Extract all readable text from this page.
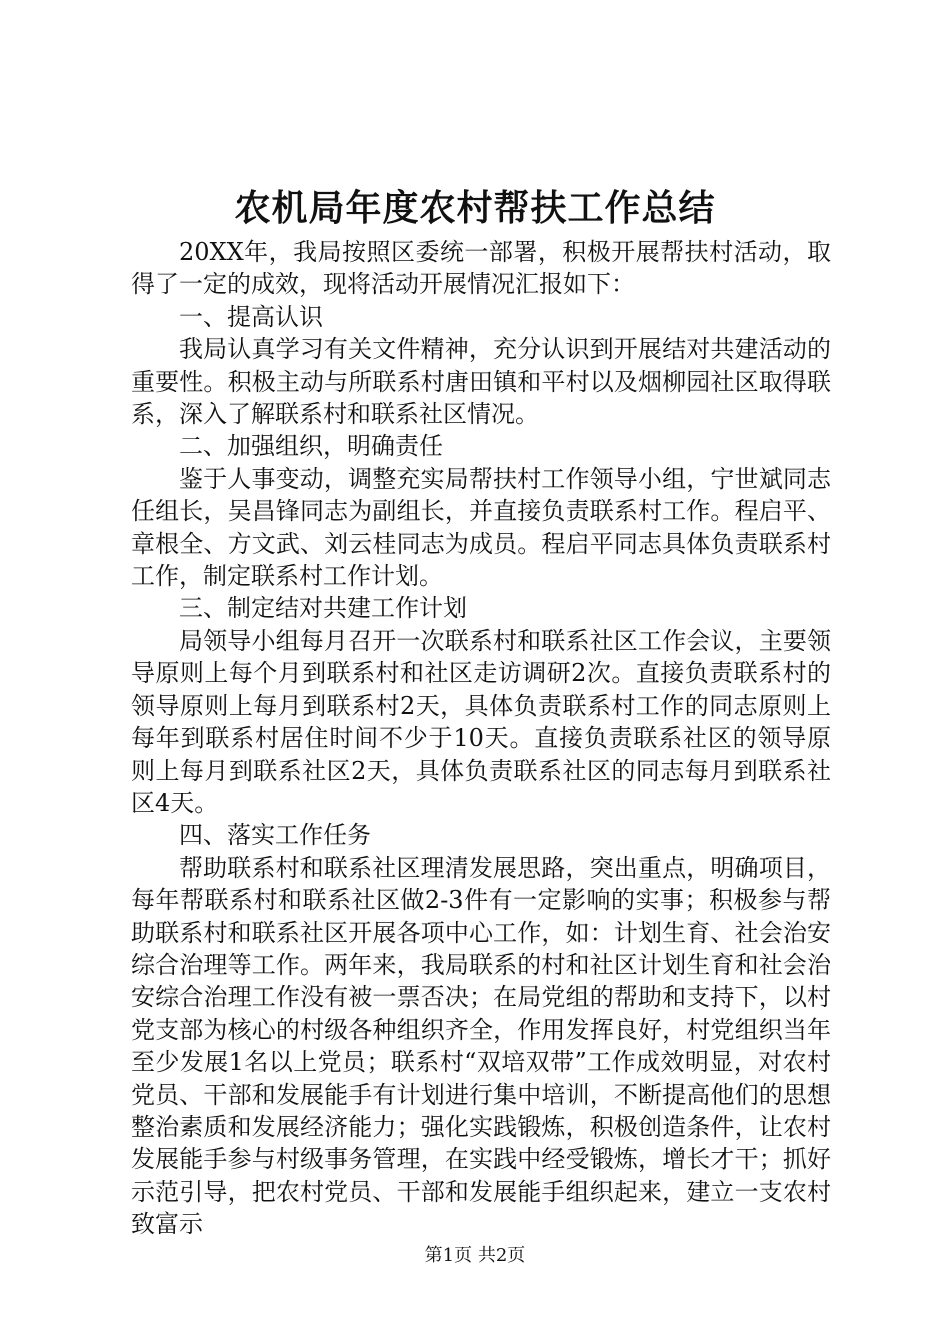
农机局年度农村帮扶工作总结

20XX年，我局按照区委统一部署，积极开展帮扶村活动，取得了一定的成效，现将活动开展情况汇报如下：

一、提高认识

我局认真学习有关文件精神，充分认识到开展结对共建活动的重要性。积极主动与所联系村唐田镇和平村以及烟柳园社区取得联系，深入了解联系村和联系社区情况。

二、加强组织，明确责任

鉴于人事变动，调整充实局帮扶村工作领导小组，宁世斌同志任组长，吴昌锋同志为副组长，并直接负责联系村工作。程启平、章根全、方文武、刘云桂同志为成员。程启平同志具体负责联系村工作，制定联系村工作计划。

三、制定结对共建工作计划

局领导小组每月召开一次联系村和联系社区工作会议，主要领导原则上每个月到联系村和社区走访调研2次。直接负责联系村的领导原则上每月到联系村2天，具体负责联系村工作的同志原则上每年到联系村居住时间不少于10天。直接负责联系社区的领导原则上每月到联系社区2天，具体负责联系社区的同志每月到联系社区4天。

四、落实工作任务

帮助联系村和联系社区理清发展思路，突出重点，明确项目，每年帮联系村和联系社区做2-3件有一定影响的实事；积极参与帮助联系村和联系社区开展各项中心工作，如：计划生育、社会治安综合治理等工作。两年来，我局联系的村和社区计划生育和社会治安综合治理工作没有被一票否决；在局党组的帮助和支持下，以村党支部为核心的村级各种组织齐全，作用发挥良好，村党组织当年至少发展1名以上党员；联系村“双培双带”工作成效明显，对农村党员、干部和发展能手有计划进行集中培训，不断提高他们的思想整治素质和发展经济能力；强化实践锻炼，积极创造条件，让农村发展能手参与村级事务管理，在实践中经受锻炼，增长才干；抓好示范引导，把农村党员、干部和发展能手组织起来，建立一支农村致富示

第1页 共2页
